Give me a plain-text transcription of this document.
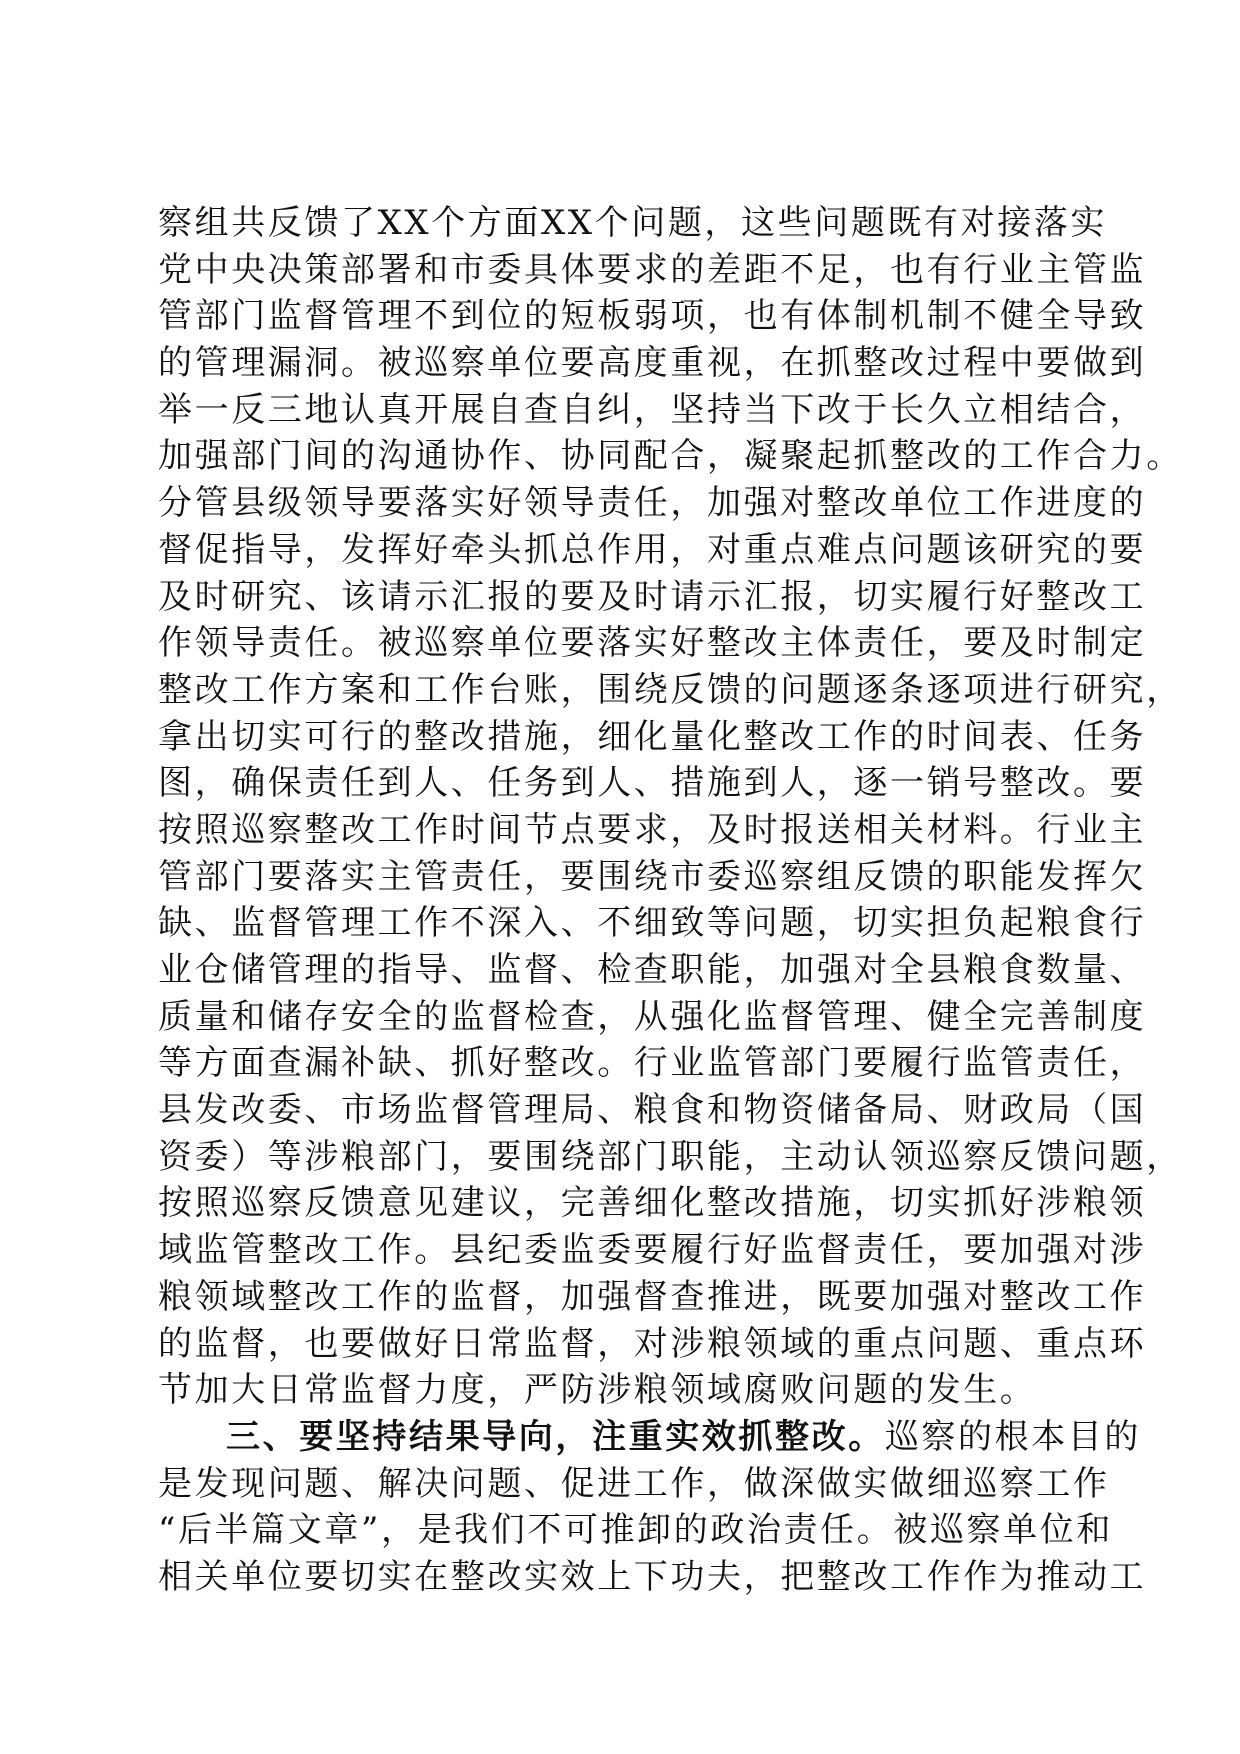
察组共反馈了XX个方面XX个问题，这些问题既有对接落实
党中央决策部署和市委具体要求的差距不足，也有行业主管监
管部门监督管理不到位的短板弱项，也有体制机制不健全导致
的管理漏洞。被巡察单位要高度重视，在抓整改过程中要做到
举一反三地认真开展自查自纠，坚持当下改于长久立相结合，
加强部门间的沟通协作、协同配合，凝聚起抓整改的工作合力。
分管县级领导要落实好领导责任，加强对整改单位工作进度的
督促指导，发挥好牵头抓总作用，对重点难点问题该研究的要
及时研究、该请示汇报的要及时请示汇报，切实履行好整改工
作领导责任。被巡察单位要落实好整改主体责任，要及时制定
整改工作方案和工作台账，围绕反馈的问题逐条逐项进行研究，
拿出切实可行的整改措施，细化量化整改工作的时间表、任务
图，确保责任到人、任务到人、措施到人，逐一销号整改。要
按照巡察整改工作时间节点要求，及时报送相关材料。行业主
管部门要落实主管责任，要围绕市委巡察组反馈的职能发挥欠
缺、监督管理工作不深入、不细致等问题，切实担负起粮食行
业仓储管理的指导、监督、检查职能，加强对全县粮食数量、
质量和储存安全的监督检查，从强化监督管理、健全完善制度
等方面查漏补缺、抓好整改。行业监管部门要履行监管责任，
县发改委、市场监督管理局、粮食和物资储备局、财政局（国
资委）等涉粮部门，要围绕部门职能，主动认领巡察反馈问题，
按照巡察反馈意见建议，完善细化整改措施，切实抓好涉粮领
域监管整改工作。县纪委监委要履行好监督责任，要加强对涉
粮领域整改工作的监督，加强督查推进，既要加强对整改工作
的监督，也要做好日常监督，对涉粮领域的重点问题、重点环
节加大日常监督力度，严防涉粮领域腐败问题的发生。
三、要坚持结果导向，注重实效抓整改。巡察的根本目的
是发现问题、解决问题、促进工作，做深做实做细巡察工作
“后半篇文章”，是我们不可推卸的政治责任。被巡察单位和
相关单位要切实在整改实效上下功夫，把整改工作作为推动工
